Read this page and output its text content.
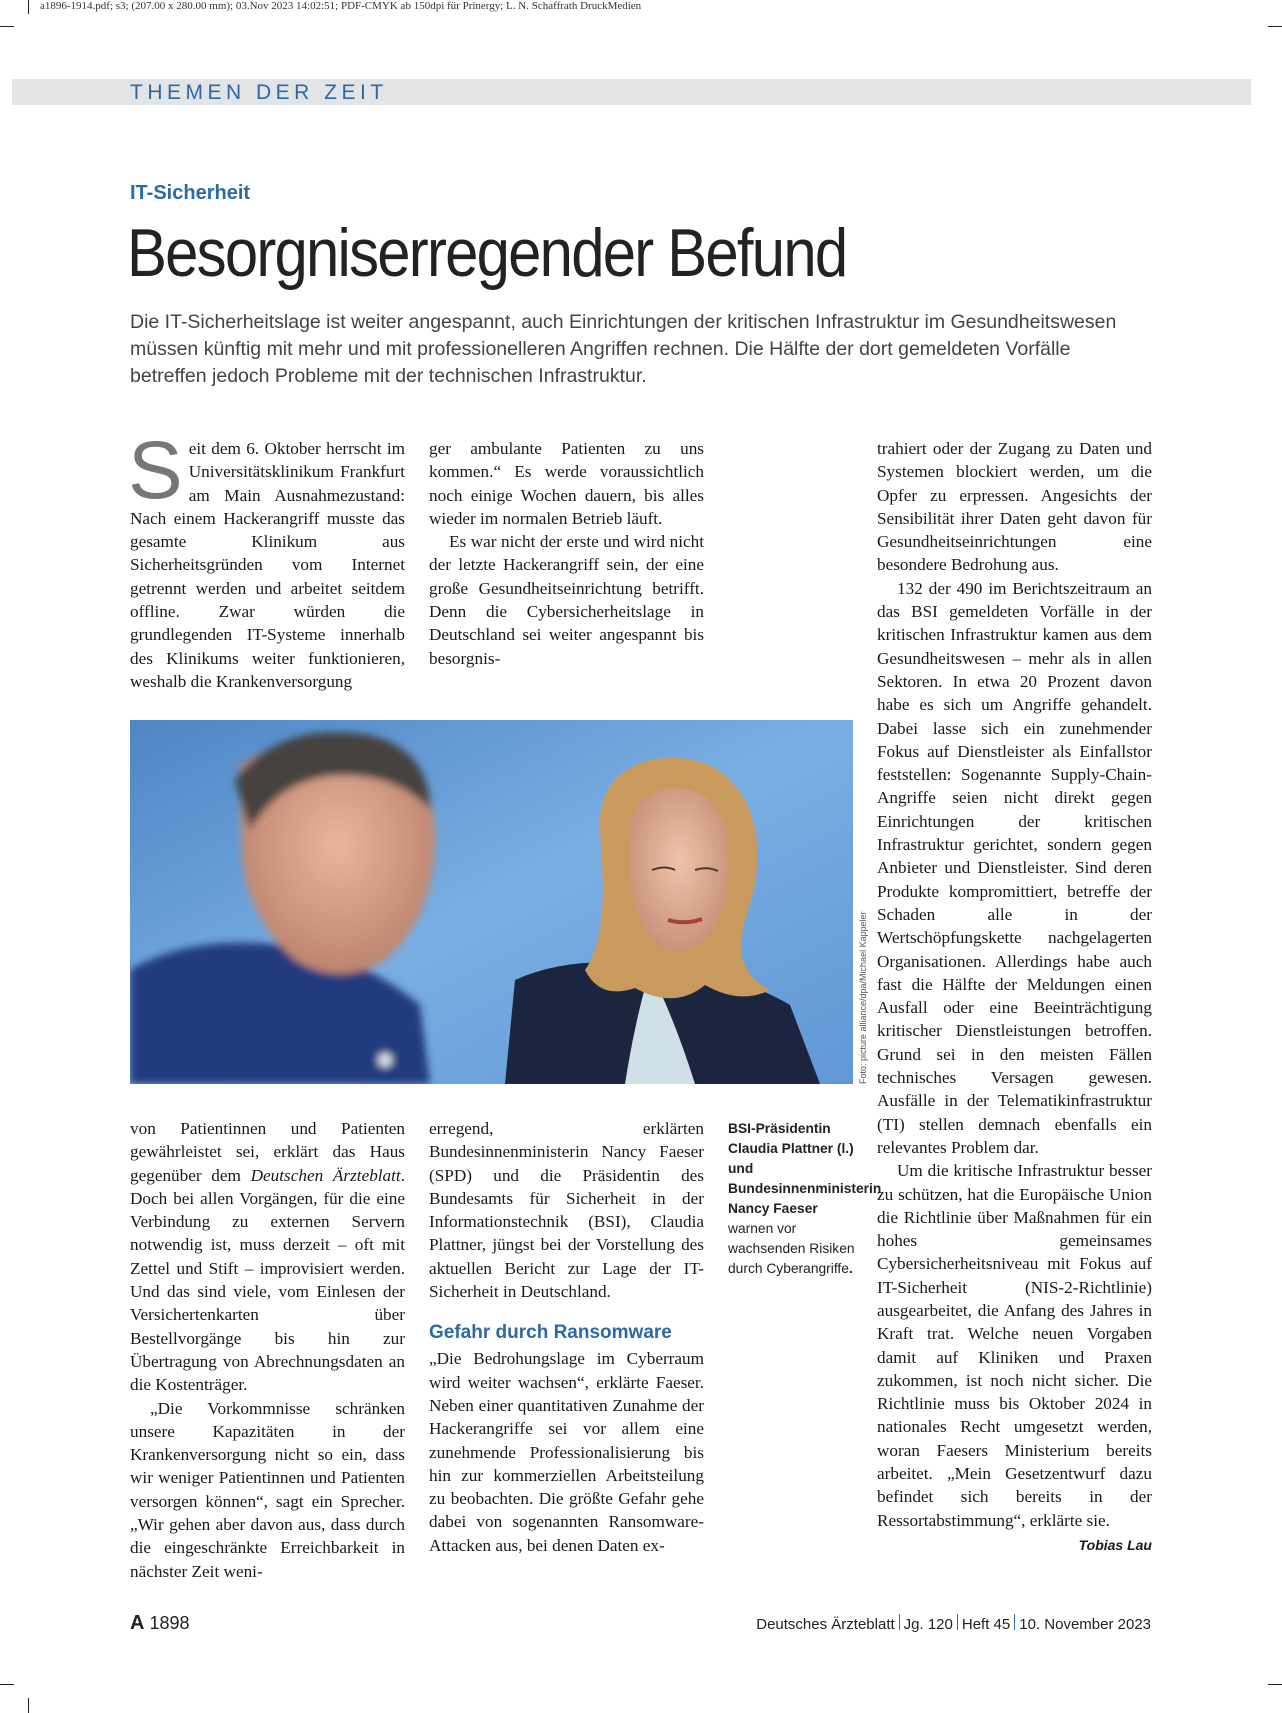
a1896-1914.pdf; s3; (207.00 x 280.00 mm); 03.Nov 2023 14:02:51; PDF-CMYK ab 150dpi für Prinergy; L. N. Schaffrath DruckMedien
THEMEN DER ZEIT
IT-Sicherheit
Besorgniserregender Befund
Die IT-Sicherheitslage ist weiter angespannt, auch Einrichtungen der kritischen Infrastruktur im Gesundheitswesen müssen künftig mit mehr und mit professionelleren Angriffen rechnen. Die Hälfte der dort gemeldeten Vorfälle betreffen jedoch Probleme mit der technischen Infrastruktur.

Seit dem 6. Oktober herrscht im Universitätsklinikum Frankfurt am Main Ausnahmezustand: Nach einem Hackerangriff musste das gesamte Klinikum aus Sicherheitsgründen vom Internet getrennt werden und arbeitet seitdem offline. Zwar würden die grundlegenden IT-Systeme innerhalb des Klinikums weiter funktionieren, weshalb die Krankenversorgung

ger ambulante Patienten zu uns kommen.“ Es werde voraussichtlich noch einige Wochen dauern, bis alles wieder im normalen Betrieb läuft.

Es war nicht der erste und wird nicht der letzte Hackerangriff sein, der eine große Gesundheitseinrichtung betrifft. Denn die Cybersicherheitslage in Deutschland sei weiter angespannt bis besorgnis-

Foto: picture alliance/dpa/Michael Kappeler

von Patientinnen und Patienten gewährleistet sei, erklärt das Haus gegenüber dem Deutschen Ärzteblatt. Doch bei allen Vorgängen, für die eine Verbindung zu externen Servern notwendig ist, muss derzeit – oft mit Zettel und Stift – improvisiert werden. Und das sind viele, vom Einlesen der Versichertenkarten über Bestellvorgänge bis hin zur Übertragung von Abrechnungsdaten an die Kostenträger.

„Die Vorkommnisse schränken unsere Kapazitäten in der Krankenversorgung nicht so ein, dass wir weniger Patientinnen und Patienten versorgen können“, sagt ein Sprecher. „Wir gehen aber davon aus, dass durch die eingeschränkte Erreichbarkeit in nächster Zeit weni-

erregend, erklärten Bundesinnenministerin Nancy Faeser (SPD) und die Präsidentin des Bundesamts für Sicherheit in der Informationstechnik (BSI), Claudia Plattner, jüngst bei der Vorstellung des aktuellen Bericht zur Lage der IT-Sicherheit in Deutschland.

Gefahr durch Ransomware

„Die Bedrohungslage im Cyberraum wird weiter wachsen“, erklärte Faeser. Neben einer quantitativen Zunahme der Hackerangriffe sei vor allem eine zunehmende Professionalisierung bis hin zur kommerziellen Arbeitsteilung zu beobachten. Die größte Gefahr gehe dabei von sogenannten Ransomware-Attacken aus, bei denen Daten ex-

BSI-Präsidentin Claudia Plattner (l.) und Bundesinnenministerin Nancy Faeser warnen vor wachsenden Risiken durch Cyberangriffe.

trahiert oder der Zugang zu Daten und Systemen blockiert werden, um die Opfer zu erpressen. Angesichts der Sensibilität ihrer Daten geht davon für Gesundheitseinrichtungen eine besondere Bedrohung aus.

132 der 490 im Berichtszeitraum an das BSI gemeldeten Vorfälle in der kritischen Infrastruktur kamen aus dem Gesundheitswesen – mehr als in allen Sektoren. In etwa 20 Prozent davon habe es sich um Angriffe gehandelt. Dabei lasse sich ein zunehmender Fokus auf Dienstleister als Einfallstor feststellen: Sogenannte Supply-Chain-Angriffe seien nicht direkt gegen Einrichtungen der kritischen Infrastruktur gerichtet, sondern gegen Anbieter und Dienstleister. Sind deren Produkte kompromittiert, betreffe der Schaden alle in der Wertschöpfungskette nachgelagerten Organisationen. Allerdings habe auch fast die Hälfte der Meldungen einen Ausfall oder eine Beeinträchtigung kritischer Dienstleistungen betroffen. Grund sei in den meisten Fällen technisches Versagen gewesen. Ausfälle in der Telematikinfrastruktur (TI) stellen demnach ebenfalls ein relevantes Problem dar.

Um die kritische Infrastruktur besser zu schützen, hat die Europäische Union die Richtlinie über Maßnahmen für ein hohes gemeinsames Cybersicherheitsniveau mit Fokus auf IT-Sicherheit (NIS-2-Richtlinie) ausgearbeitet, die Anfang des Jahres in Kraft trat. Welche neuen Vorgaben damit auf Kliniken und Praxen zukommen, ist noch nicht sicher. Die Richtlinie muss bis Oktober 2024 in nationales Recht umgesetzt werden, woran Faesers Ministerium bereits arbeitet. „Mein Gesetzentwurf dazu befindet sich bereits in der Ressortabstimmung“, erklärte sie.
Tobias Lau

A 1898	Deutsches Ärzteblatt Jg. 120 Heft 45 10. November 2023
